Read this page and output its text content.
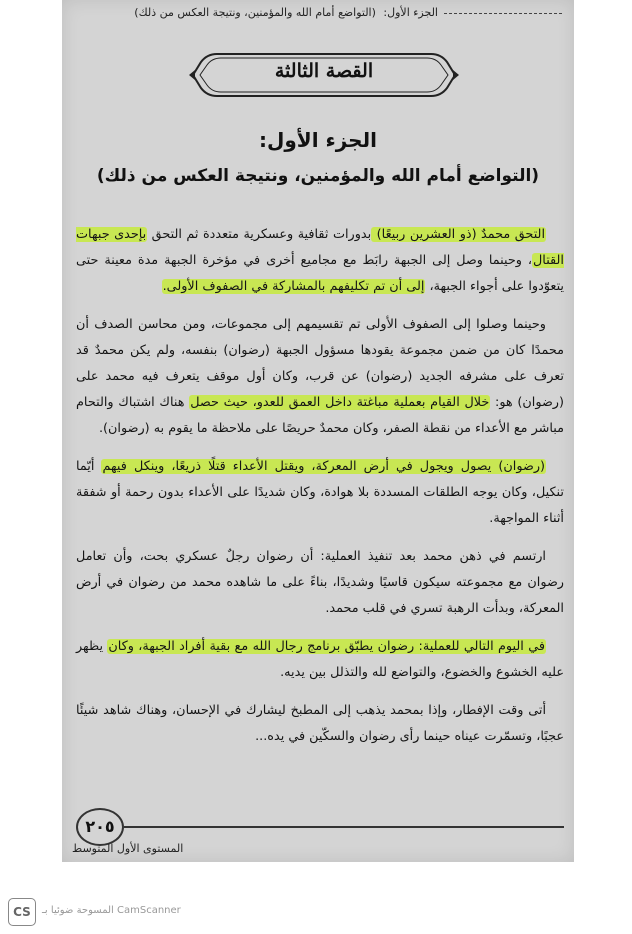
الجزء الأول: (التواضع أمام الله والمؤمنين، ونتيجة العكس من ذلك)
القصة الثالثة
الجزء الأول:
(التواضع أمام الله والمؤمنين، ونتيجة العكس من ذلك)

التحق محمدٌ (ذو العشرين ربيعًا) بدورات ثقافية وعسكرية متعددة ثم التحق بإحدى جبهات القتال، وحينما وصل إلى الجبهة رابَط مع مجاميع أخرى في مؤخرة الجبهة مدة معينة حتى يتعوّدوا على أجواء الجبهة، إلى أن تم تكليفهم بالمشاركة في الصفوف الأولى.

وحينما وصلوا إلى الصفوف الأولى تم تقسيمهم إلى مجموعات، ومن محاسن الصدف أن محمدًا كان من ضمن مجموعة يقودها مسؤول الجبهة (رضوان) بنفسه، ولم يكن محمدٌ قد تعرف على مشرفه الجديد (رضوان) عن قرب، وكان أول موقف يتعرف فيه محمد على (رضوان) هو: خلال القيام بعملية مباغتة داخل العمق للعدو، حيث حصل هناك اشتباك والتحام مباشر مع الأعداء من نقطة الصفر، وكان محمدٌ حريصًا على ملاحظة ما يقوم به (رضوان).

(رضوان) يصول ويجول في أرض المعركة، ويقتل الأعداء قتلًا ذريعًا، وينكل فيهم أيّما تنكيل، وكان يوجه الطلقات المسددة بلا هوادة، وكان شديدًا على الأعداء بدون رحمة أو شفقة أثناء المواجهة.

ارتسم في ذهن محمد بعد تنفيذ العملية: أن رضوان رجلٌ عسكري بحت، وأن تعامل رضوان مع مجموعته سيكون قاسيًا وشديدًا، بناءً على ما شاهده محمد من رضوان في أرض المعركة، وبدأت الرهبة تسري في قلب محمد.

في اليوم التالي للعملية: رضوان يطبّق برنامج رجال الله مع بقية أفراد الجبهة، وكان يظهر عليه الخشوع والخضوع، والتواضع لله والتذلل بين يديه.

أتى وقت الإفطار، وإذا بمحمد يذهب إلى المطبخ ليشارك في الإحسان، وهناك شاهد شيئًا عجبًا، وتسمّرت عيناه حينما رأى رضوان والسكّين في يده...

٢٠٥
المستوى الأول المتوسط
CS	المسوحة ضوئيا بـ CamScanner
